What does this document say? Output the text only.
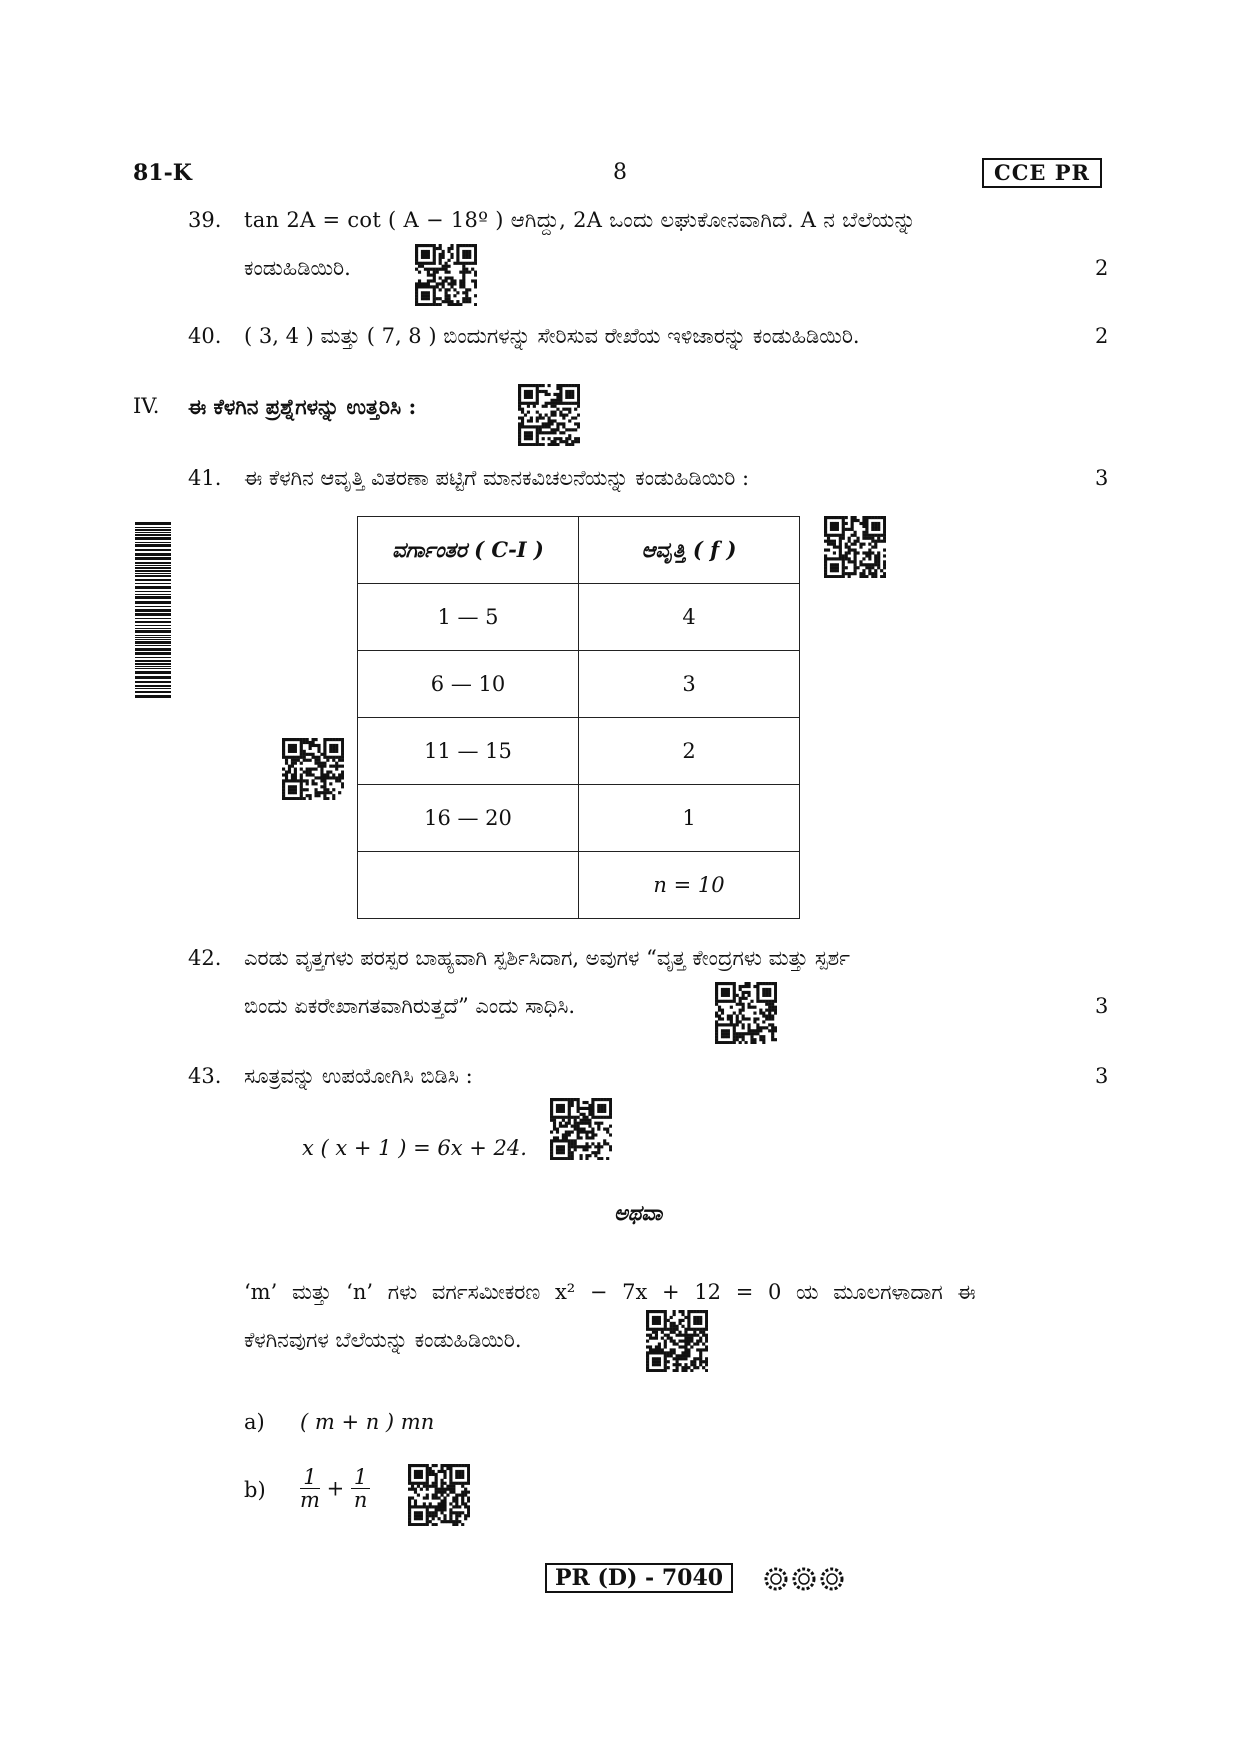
81-K	8	CCE PR
39.	tan 2A = cot ( A − 18º ) ಆಗಿದ್ದು, 2A ಒಂದು ಲಘುಕೋನವಾಗಿದೆ. A ನ ಬೆಲೆಯನ್ನು
ಕಂಡುಹಿಡಿಯಿರಿ.	2
40.	( 3, 4 ) ಮತ್ತು ( 7, 8 ) ಬಿಂದುಗಳನ್ನು ಸೇರಿಸುವ ರೇಖೆಯ ಇಳಿಜಾರನ್ನು ಕಂಡುಹಿಡಿಯಿರಿ.	2
IV. ಈ ಕೆಳಗಿನ ಪ್ರಶ್ನೆಗಳನ್ನು ಉತ್ತರಿಸಿ :
41.	ಈ ಕೆಳಗಿನ ಆವೃತ್ತಿ ವಿತರಣಾ ಪಟ್ಟಿಗೆ ಮಾನಕವಿಚಲನೆಯನ್ನು ಕಂಡುಹಿಡಿಯಿರಿ :	3
ವರ್ಗಾಂತರ ( C-I )	ಆವೃತ್ತಿ ( f )
1 — 5	4
6 — 10	3
11 — 15	2
16 — 20	1
	n = 10
42.	ಎರಡು ವೃತ್ತಗಳು ಪರಸ್ಪರ ಬಾಹ್ಯವಾಗಿ ಸ್ಪರ್ಶಿಸಿದಾಗ, ಅವುಗಳ “ವೃತ್ತ ಕೇಂದ್ರಗಳು ಮತ್ತು ಸ್ಪರ್ಶ
ಬಿಂದು ಏಕರೇಖಾಗತವಾಗಿರುತ್ತದೆ” ಎಂದು ಸಾಧಿಸಿ.	3
43.	ಸೂತ್ರವನ್ನು ಉಪಯೋಗಿಸಿ ಬಿಡಿಸಿ :	3
x ( x + 1 ) = 6x + 24.
ಅಥವಾ
‘m’ ಮತ್ತು ‘n’ ಗಳು ವರ್ಗಸಮೀಕರಣ x² − 7x + 12 = 0 ಯ ಮೂಲಗಳಾದಾಗ ಈ
ಕೆಳಗಿನವುಗಳ ಬೆಲೆಯನ್ನು ಕಂಡುಹಿಡಿಯಿರಿ.
a) ( m + n ) mn
$b) \frac{1}{m} + \frac{1}{n}$
PR (D) - 7040
